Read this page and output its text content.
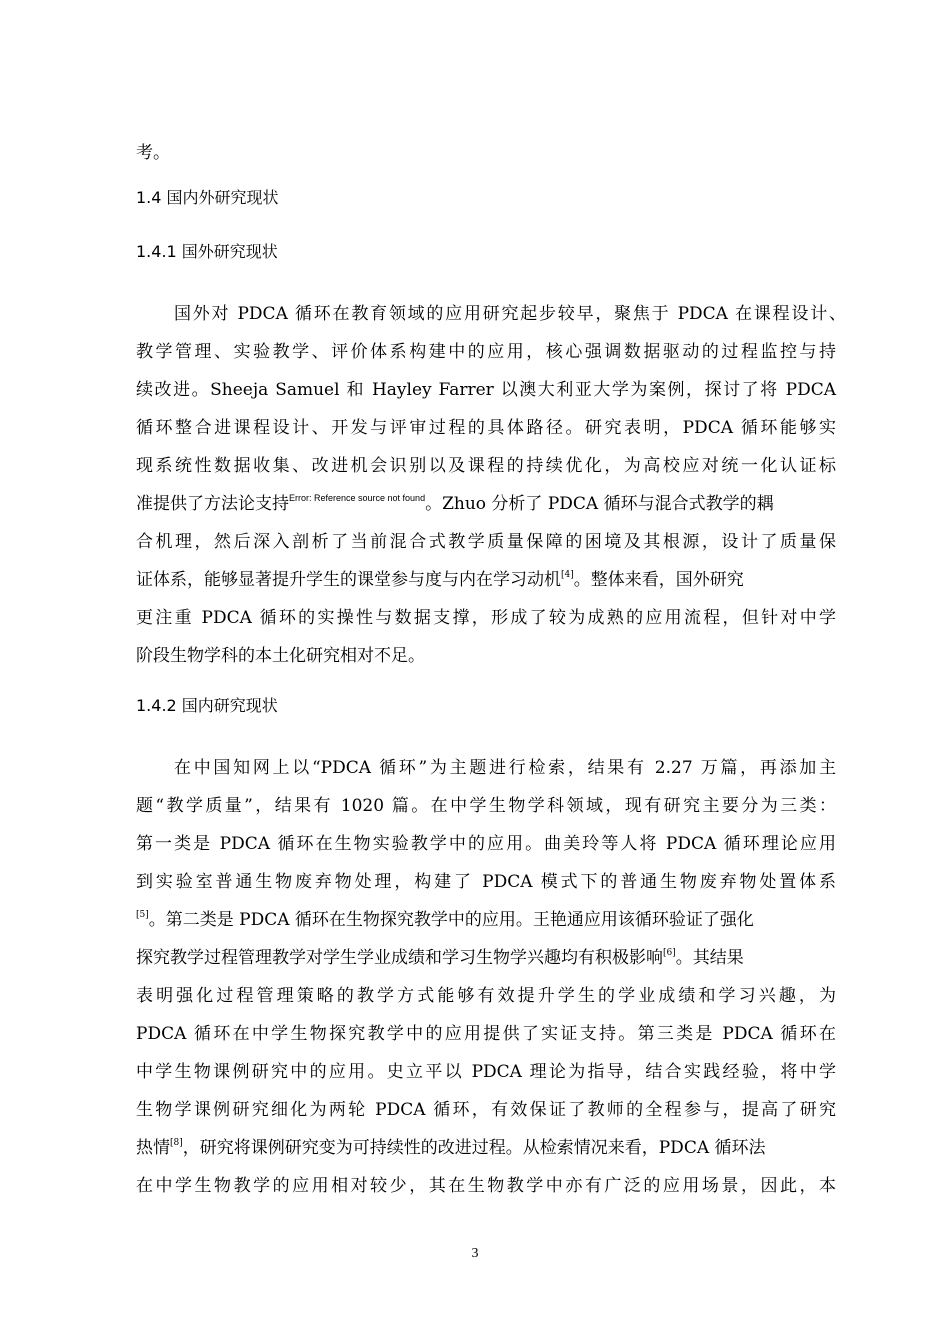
考。
1.4 国内外研究现状
1.4.1 国外研究现状
国外对 PDCA 循环在教育领域的应用研究起步较早，聚焦于 PDCA 在课程设计、
教学管理、实验教学、评价体系构建中的应用，核心强调数据驱动的过程监控与持
续改进。Sheeja Samuel 和 Hayley Farrer 以澳大利亚大学为案例，探讨了将 PDCA
循环整合进课程设计、开发与评审过程的具体路径。研究表明，PDCA 循环能够实
现系统性数据收集、改进机会识别以及课程的持续优化，为高校应对统一化认证标
准提供了方法论支持$^{Error: Reference source not found}$。Zhuo 分析了 PDCA 循环与混合式教学的耦
合机理，然后深入剖析了当前混合式教学质量保障的困境及其根源，设计了质量保
证体系，能够显著提升学生的课堂参与度与内在学习动机[4]。整体来看，国外研究
更注重 PDCA 循环的实操性与数据支撑，形成了较为成熟的应用流程，但针对中学
阶段生物学科的本土化研究相对不足。
1.4.2 国内研究现状
在中国知网上以“PDCA 循环”为主题进行检索，结果有 2.27 万篇，再添加主
题“教学质量”，结果有 1020 篇。在中学生物学科领域，现有研究主要分为三类：
第一类是 PDCA 循环在生物实验教学中的应用。曲美玲等人将 PDCA 循环理论应用
到实验室普通生物废弃物处理，构建了 PDCA 模式下的普通生物废弃物处置体系
[5]。第二类是 PDCA 循环在生物探究教学中的应用。王艳通应用该循环验证了强化
探究教学过程管理教学对学生学业成绩和学习生物学兴趣均有积极影响[6]。其结果
表明强化过程管理策略的教学方式能够有效提升学生的学业成绩和学习兴趣，为
PDCA 循环在中学生物探究教学中的应用提供了实证支持。第三类是 PDCA 循环在
中学生物课例研究中的应用。史立平以 PDCA 理论为指导，结合实践经验，将中学
生物学课例研究细化为两轮 PDCA 循环，有效保证了教师的全程参与，提高了研究
热情[8]，研究将课例研究变为可持续性的改进过程。从检索情况来看，PDCA 循环法
在中学生物教学的应用相对较少，其在生物教学中亦有广泛的应用场景，因此，本
3
